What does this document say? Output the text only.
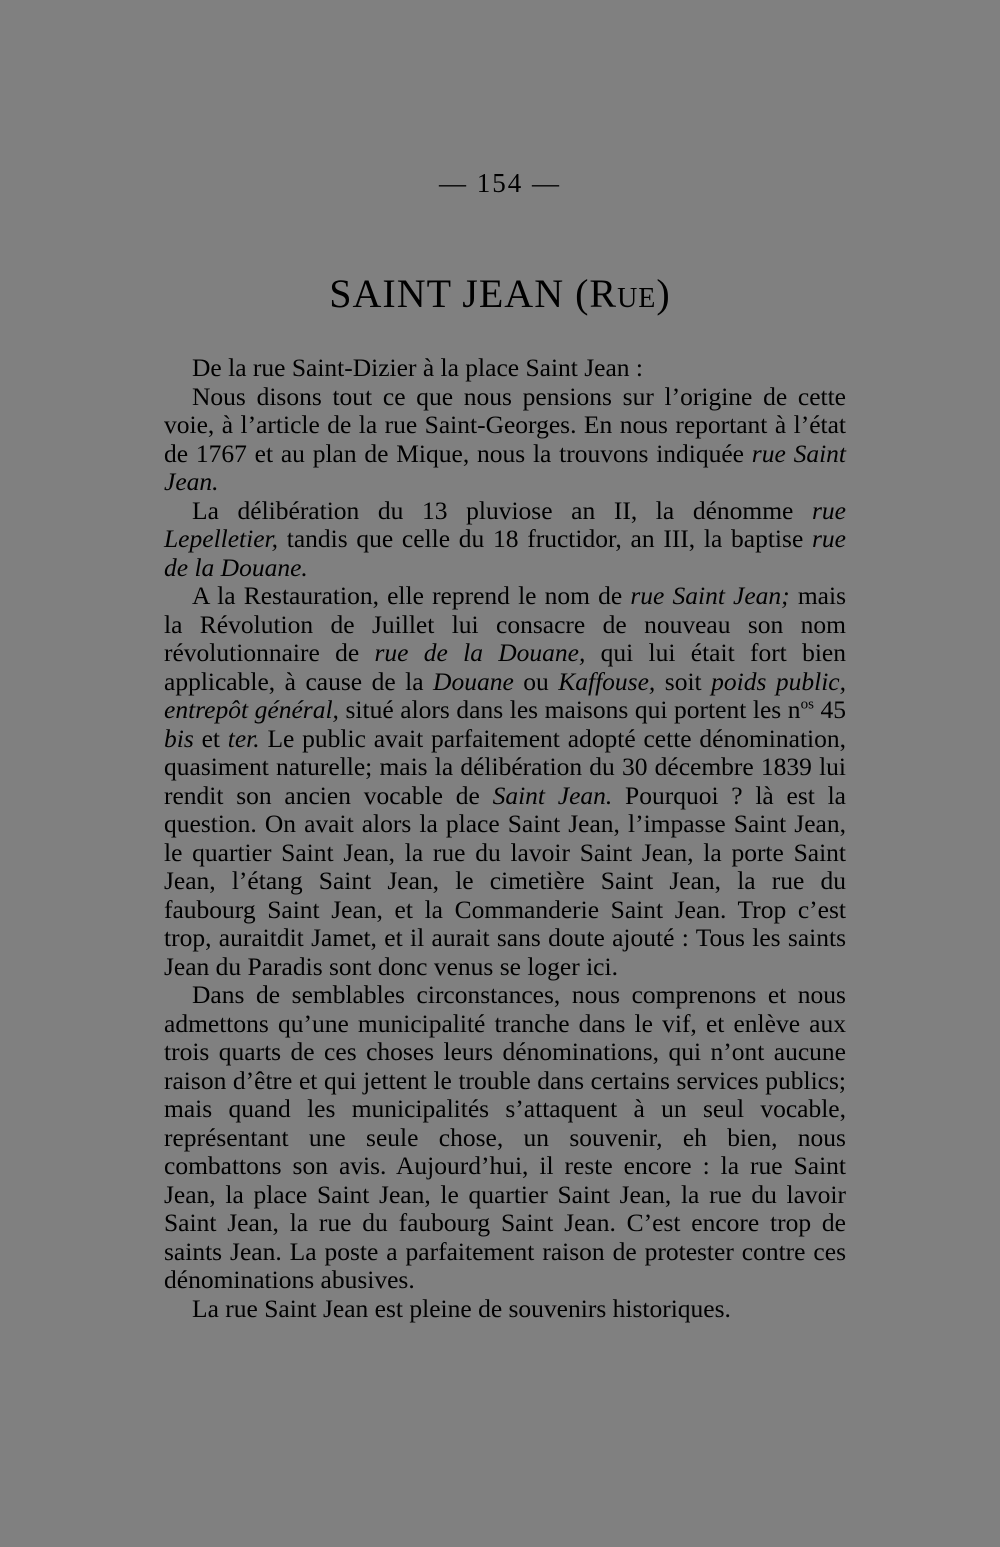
— 154 —
SAINT JEAN (Rue)

De la rue Saint-Dizier à la place Saint Jean :

Nous disons tout ce que nous pensions sur l’origine de cette voie, à l’article de la rue Saint-Georges. En nous reportant à l’état de 1767 et au plan de Mique, nous la trouvons indiquée rue Saint Jean.

La délibération du 13 pluviose an II, la dénomme rue Lepelletier, tandis que celle du 18 fructidor, an III, la baptise rue de la Douane.

A la Restauration, elle reprend le nom de rue Saint Jean; mais la Révolution de Juillet lui consacre de nouveau son nom révolutionnaire de rue de la Douane, qui lui était fort bien applicable, à cause de la Douane ou Kaffouse, soit poids public, entrepôt général, situé alors dans les maisons qui portent les $n^{os}$ 45 bis et ter. Le public avait parfaitement adopté cette dénomination, quasiment naturelle; mais la délibération du 30 décembre 1839 lui rendit son ancien vocable de Saint Jean. Pourquoi ? là est la question. On avait alors la place Saint Jean, l’impasse Saint Jean, le quartier Saint Jean, la rue du lavoir Saint Jean, la porte Saint Jean, l’étang Saint Jean, le cimetière Saint Jean, la rue du faubourg Saint Jean, et la Commanderie Saint Jean. Trop c’est trop, auraitdit Jamet, et il aurait sans doute ajouté : Tous les saints Jean du Paradis sont donc venus se loger ici.

Dans de semblables circonstances, nous comprenons et nous admettons qu’une municipalité tranche dans le vif, et enlève aux trois quarts de ces choses leurs dénominations, qui n’ont aucune raison d’être et qui jettent le trouble dans certains services publics; mais quand les municipalités s’attaquent à un seul vocable, représentant une seule chose, un souvenir, eh bien, nous combattons son avis. Aujourd’hui, il reste encore : la rue Saint Jean, la place Saint Jean, le quartier Saint Jean, la rue du lavoir Saint Jean, la rue du faubourg Saint Jean. C’est encore trop de saints Jean. La poste a parfaitement raison de protester contre ces dénominations abusives.

La rue Saint Jean est pleine de souvenirs historiques.
